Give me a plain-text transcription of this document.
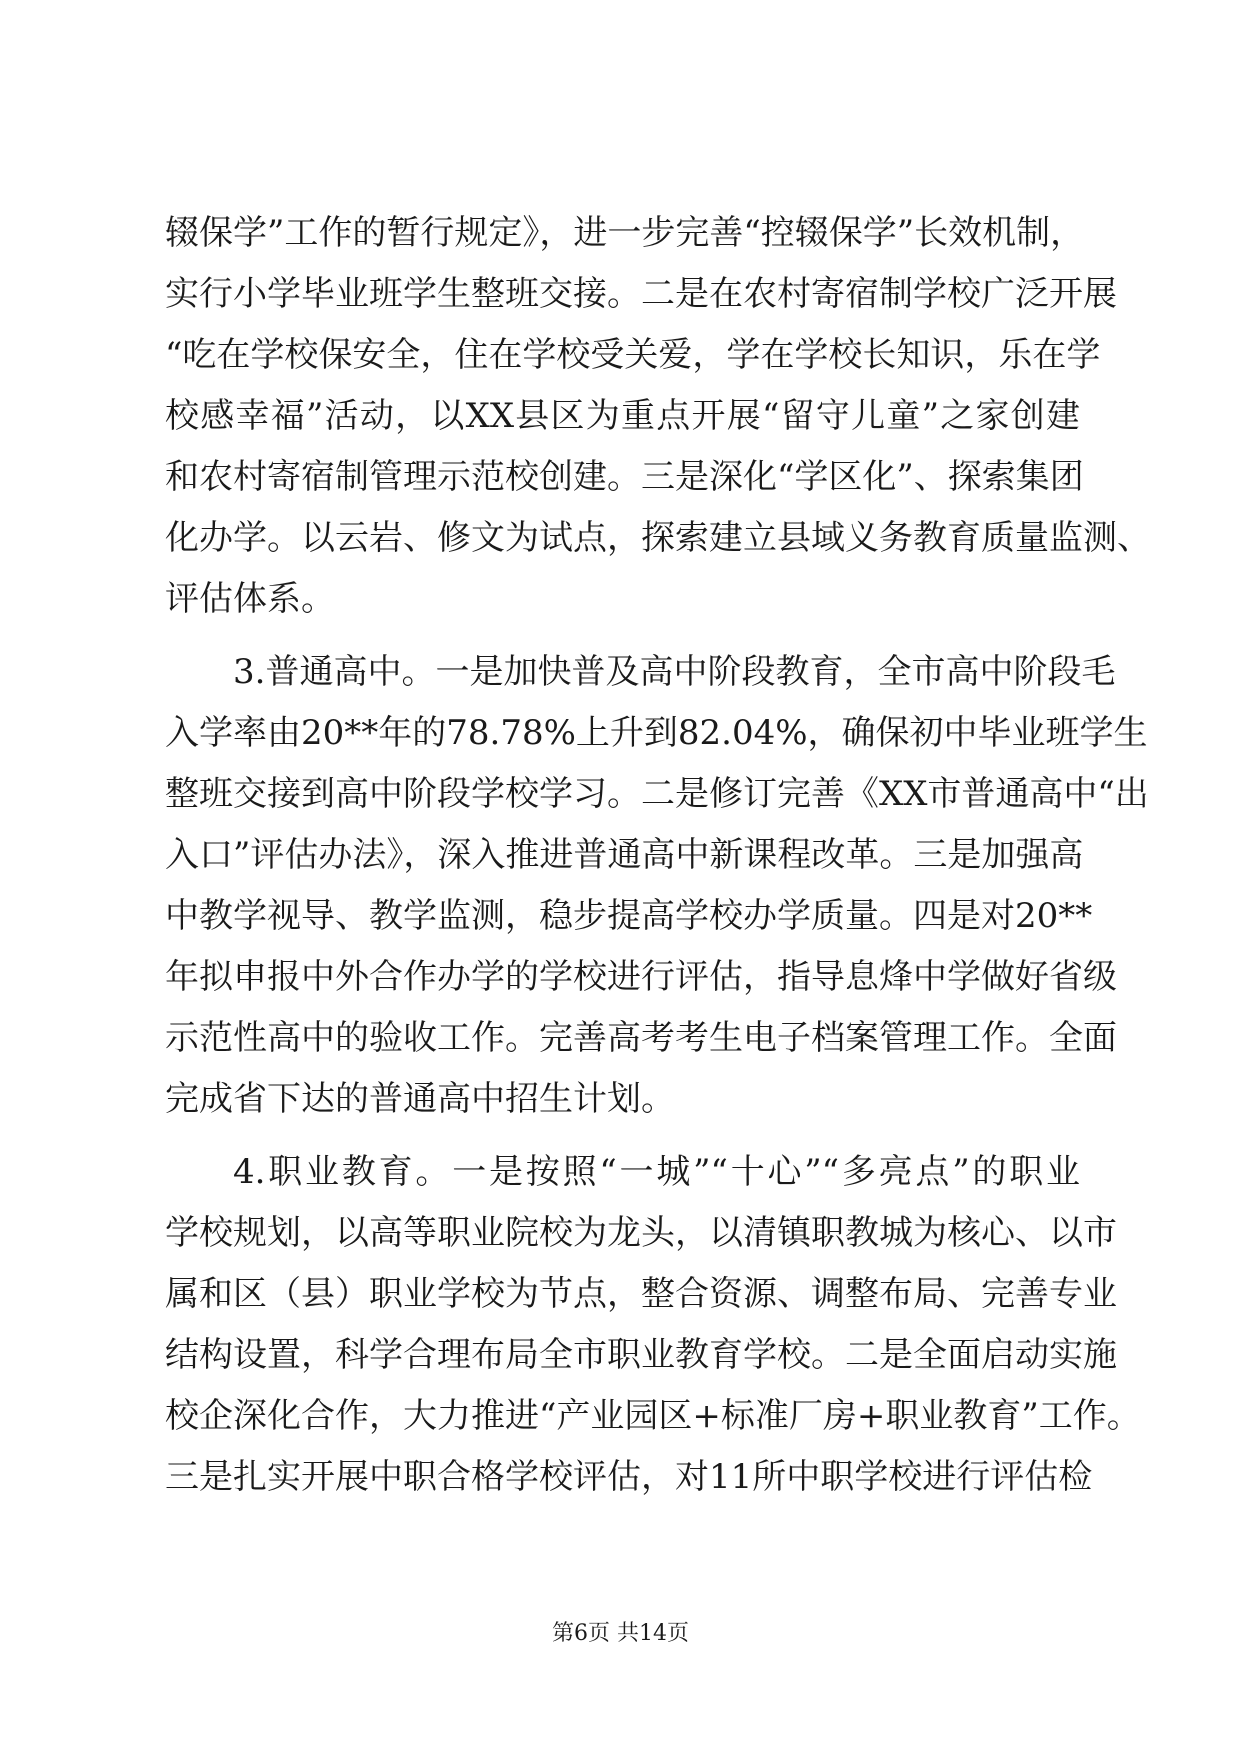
辍保学”工作的暂行规定》，进一步完善“控辍保学”长效机制，
实行小学毕业班学生整班交接。二是在农村寄宿制学校广泛开展
“吃在学校保安全，住在学校受关爱，学在学校长知识，乐在学
校感幸福”活动，以XX县区为重点开展“留守儿童”之家创建
和农村寄宿制管理示范校创建。三是深化“学区化”、探索集团
化办学。以云岩、修文为试点，探索建立县域义务教育质量监测、
评估体系。
3.普通高中。一是加快普及高中阶段教育，全市高中阶段毛
入学率由20**年的78.78%上升到82.04%，确保初中毕业班学生
整班交接到高中阶段学校学习。二是修订完善《XX市普通高中“出
入口”评估办法》，深入推进普通高中新课程改革。三是加强高
中教学视导、教学监测，稳步提高学校办学质量。四是对20**
年拟申报中外合作办学的学校进行评估，指导息烽中学做好省级
示范性高中的验收工作。完善高考考生电子档案管理工作。全面
完成省下达的普通高中招生计划。
4.职业教育。一是按照“一城”“十心”“多亮点”的职业
学校规划，以高等职业院校为龙头，以清镇职教城为核心、以市
属和区（县）职业学校为节点，整合资源、调整布局、完善专业
结构设置，科学合理布局全市职业教育学校。二是全面启动实施
校企深化合作，大力推进“产业园区+标准厂房+职业教育”工作。
三是扎实开展中职合格学校评估，对11所中职学校进行评估检
第6页 共14页
